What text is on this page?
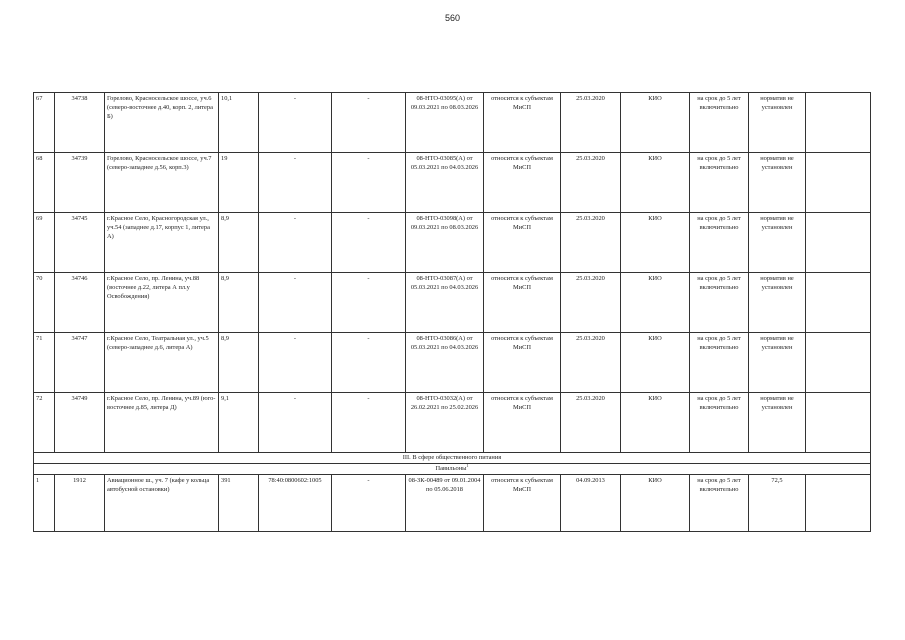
560
67	34738	Горелово, Красносельское шоссе, уч.6 (северо-восточнее д.40, корп. 2, литера Б)	10,1	-	-	08-НТО-03095(А) от 09.03.2021 по 08.03.2026	относится к субъектам МиСП	25.03.2020	КИО	на срок до 5 лет включительно	норматив не установлен	
68	34739	Горелово, Красносельское шоссе, уч.7 (северо-западнее д.56, корп.3)	19	-	-	08-НТО-03085(А) от 05.03.2021 по 04.03.2026	относится к субъектам МиСП	25.03.2020	КИО	на срок до 5 лет включительно	норматив не установлен	
69	34745	г.Красное Село, Красногородская ул., уч.54 (западнее д.17, корпус 1, литера А)	8,9	-	-	08-НТО-03098(А) от 09.03.2021 по 08.03.2026	относится к субъектам МиСП	25.03.2020	КИО	на срок до 5 лет включительно	норматив не установлен	
70	34746	г.Красное Село, пр. Ленина, уч.88 (восточнее д.22, литера А пл.у Освобождения)	8,9	-	-	08-НТО-03087(А) от 05.03.2021 по 04.03.2026	относится к субъектам МиСП	25.03.2020	КИО	на срок до 5 лет включительно	норматив не установлен	
71	34747	г.Красное Село, Театральная ул., уч.5 (северо-западнее д.6, литера А)	8,9	-	-	08-НТО-03086(А) от 05.03.2021 по 04.03.2026	относится к субъектам МиСП	25.03.2020	КИО	на срок до 5 лет включительно	норматив не установлен	
72	34749	г.Красное Село, пр. Ленина, уч.89 (юго-восточнее д.85, литера Д)	9,1	-	-	08-НТО-03032(А) от 26.02.2021 по 25.02.2026	относится к субъектам МиСП	25.03.2020	КИО	на срок до 5 лет включительно	норматив не установлен	
III. В сфере общественного питания												
Павильоны$^1$
1	1912	Авиационное ш., уч. 7 (кафе у кольца автобусной остановки)	391	78:40:0800602:1005	-	08-ЗК-00489 от 09.01.2004 по 05.06.2018	относится к субъектам МиСП	04.09.2013	КИО	на срок до 5 лет включительно	72,5	
